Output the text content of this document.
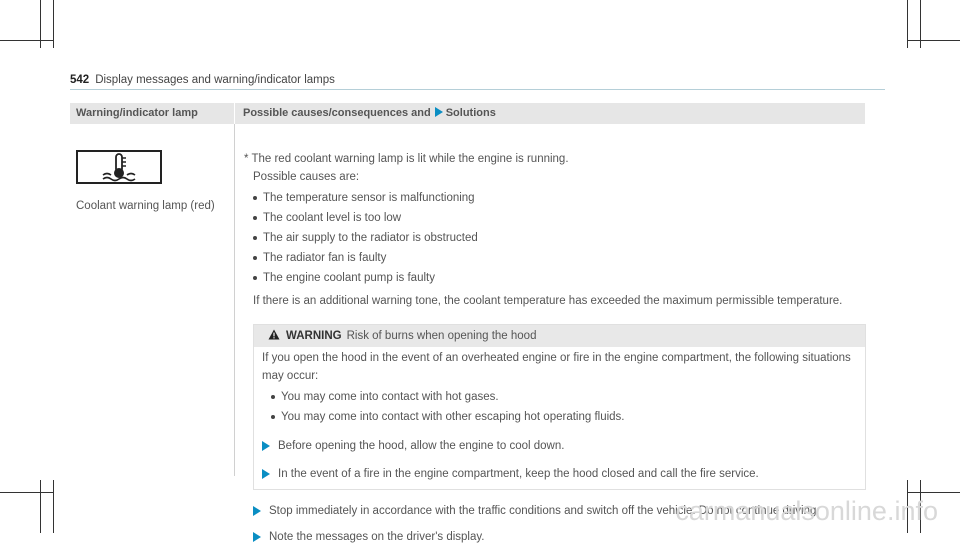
542 Display messages and warning/indicator lamps
Warning/indicator lamp	Possible causes/consequences and Solutions
Coolant warning lamp (red)

* The red coolant warning lamp is lit while the engine is running.

Possible causes are:

The temperature sensor is malfunctioning
The coolant level is too low
The air supply to the radiator is obstructed
The radiator fan is faulty
The engine coolant pump is faulty

If there is an additional warning tone, the coolant temperature has exceeded the maximum permissible temperature.

WARNING Risk of burns when opening the hood

If you open the hood in the event of an overheated engine or fire in the engine compartment, the following situations may occur:

You may come into contact with hot gases.
You may come into contact with other escaping hot operating fluids.

Before opening the hood, allow the engine to cool down.

In the event of a fire in the engine compartment, keep the hood closed and call the fire service.

Stop immediately in accordance with the traffic conditions and switch off the vehicle. Do not continue driving.

Note the messages on the driver's display.

carmanualsonline.info
